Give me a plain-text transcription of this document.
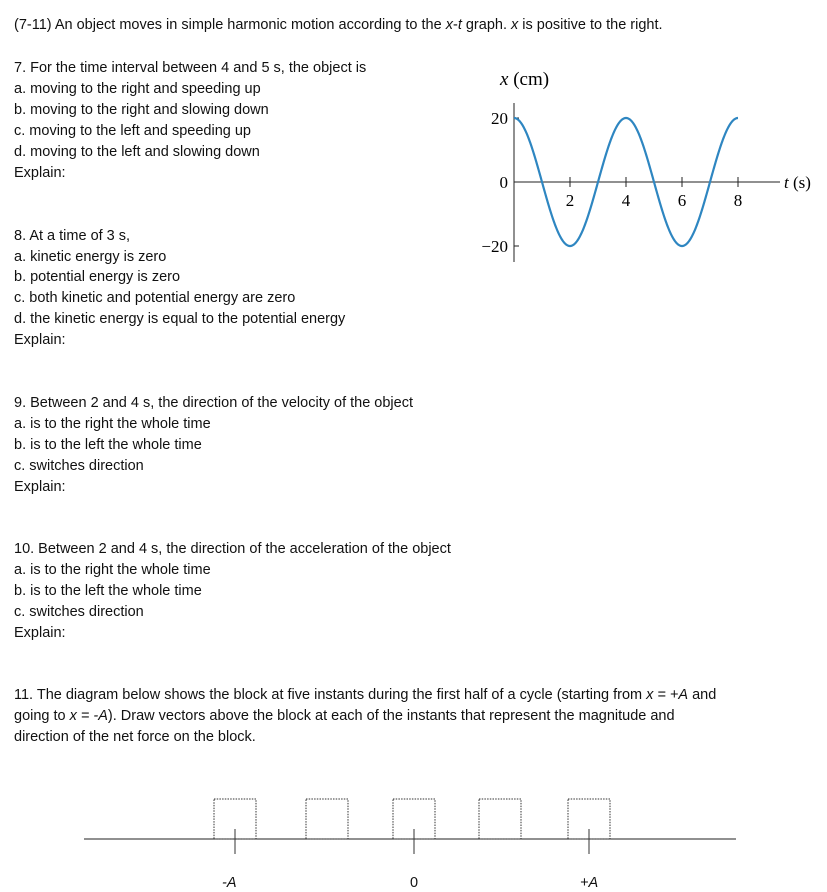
(7-11) An object moves in simple harmonic motion according to the x-t graph. x is positive to the right.
7. For the time interval between 4 and 5 s, the object is
a. moving to the right and speeding up
b. moving to the right and slowing down
c. moving to the left and speeding up
d. moving to the left and slowing down
Explain:
8. At a time of 3 s,
a. kinetic energy is zero
b. potential energy is zero
c. both kinetic and potential energy are zero
d. the kinetic energy is equal to the potential energy
Explain:
9. Between 2 and 4 s, the direction of the velocity of the object
a. is to the right the whole time
b. is to the left the whole time
c. switches direction
Explain:
10. Between 2 and 4 s, the direction of the acceleration of the object
a. is to the right the whole time
b. is to the left the whole time
c. switches direction
Explain:
11. The diagram below shows the block at five instants during the first half of a cycle (starting from x = +A and
going to x = -A). Draw vectors above the block at each of the instants that represent the magnitude and
direction of the net force on the block.
x (cm)
t (s)
20
0
−20
2	4	6	8
-A	0	+A
